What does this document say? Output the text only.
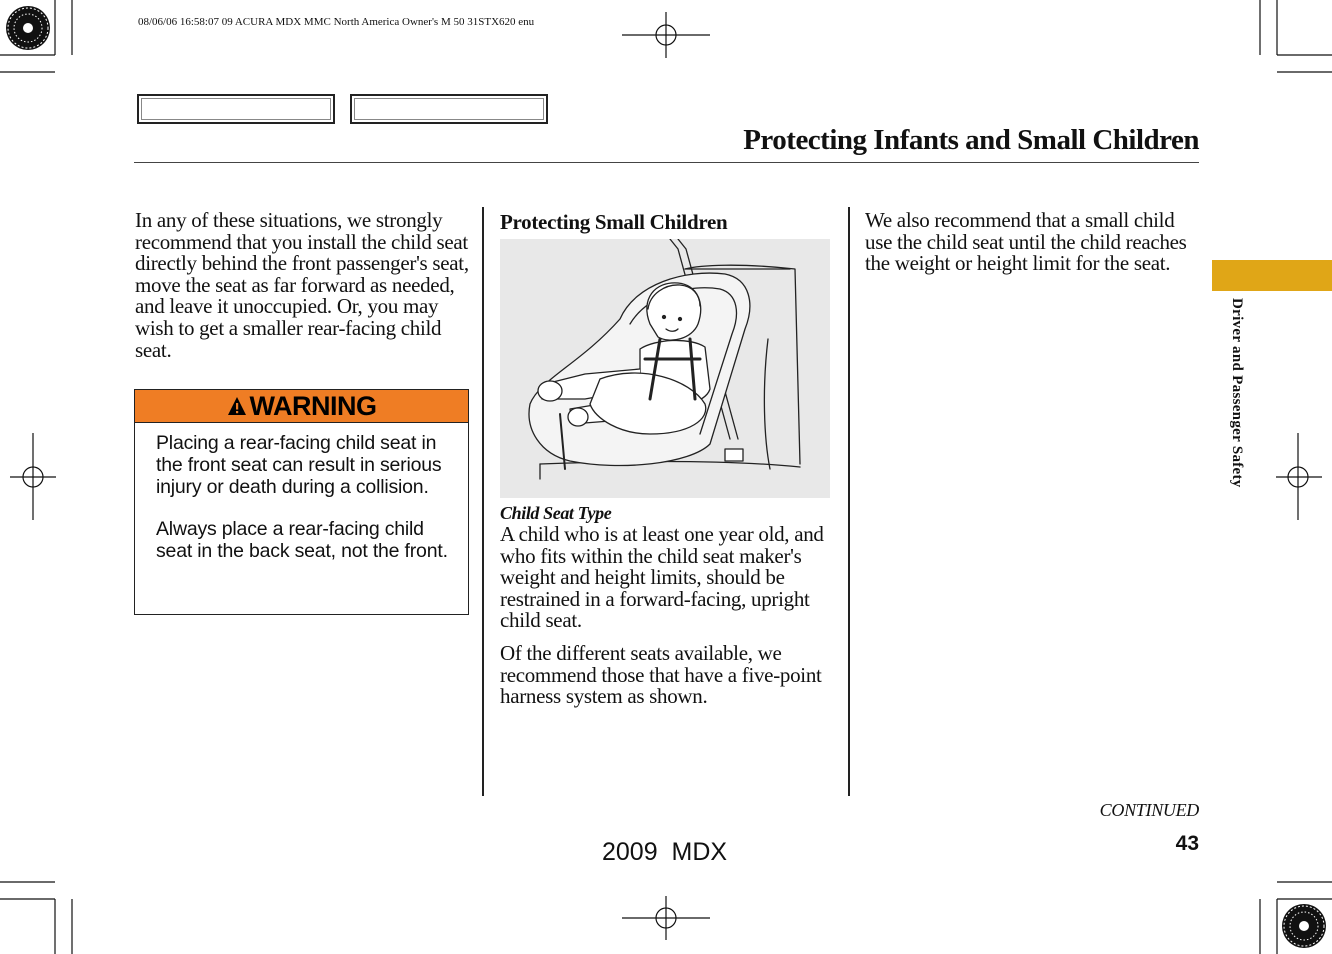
08/06/06 16:58:07 09 ACURA MDX MMC North America Owner's M 50 31STX620 enu
Protecting Infants and Small Children

In any of these situations, we strongly recommend that you install the child seat directly behind the front passenger's seat, move the seat as far forward as needed, and leave it unoccupied. Or, you may wish to get a smaller rear-facing child seat.

WARNING

Placing a rear-facing child seat in the front seat can result in serious injury or death during a collision.

Always place a rear-facing child seat in the back seat, not the front.

Protecting Small Children

Child Seat Type

A child who is at least one year old, and who fits within the child seat maker's weight and height limits, should be restrained in a forward-facing, upright child seat.

Of the different seats available, we recommend those that have a five-point harness system as shown.

We also recommend that a small child use the child seat until the child reaches the weight or height limit for the seat.

Driver and Passenger Safety
CONTINUED
43
2009  MDX
